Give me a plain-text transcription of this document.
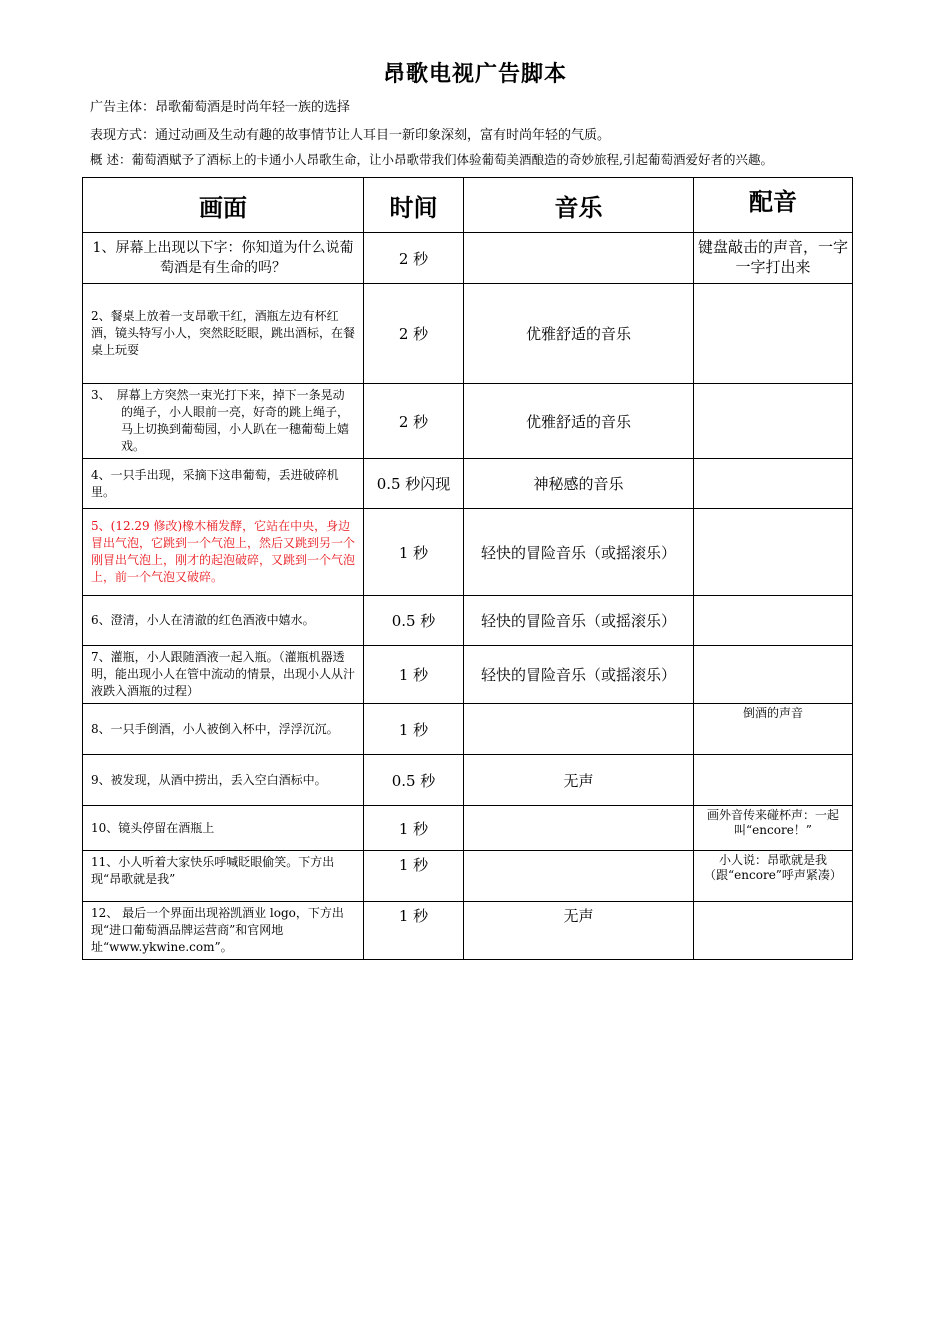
昂歌电视广告脚本
广告主体：昂歌葡萄酒是时尚年轻一族的选择
表现方式：通过动画及生动有趣的故事情节让人耳目一新印象深刻，富有时尚年轻的气质。
概 述：葡萄酒赋予了酒标上的卡通小人昂歌生命，让小昂歌带我们体验葡萄美酒酿造的奇妙旅程,引起葡萄酒爱好者的兴趣。
画面	时间	音乐	配音
1、屏幕上出现以下字：你知道为什么说葡萄酒是有生命的吗？	2 秒		键盘敲击的声音，一字一字打出来
2、餐桌上放着一支昂歌干红，酒瓶左边有杯红酒，镜头特写小人，突然眨眨眼，跳出酒标，在餐桌上玩耍	2 秒	优雅舒适的音乐	
3、　屏幕上方突然一束光打下来，掉下一条晃动的绳子，小人眼前一亮，好奇的跳上绳子，马上切换到葡萄园，小人趴在一穗葡萄上嬉戏。	2 秒	优雅舒适的音乐	
4、一只手出现，采摘下这串葡萄，丢进破碎机里。	0.5 秒闪现	神秘感的音乐	
5、(12.29 修改)橡木桶发酵，它站在中央，身边冒出气泡，它跳到一个气泡上，然后又跳到另一个刚冒出气泡上，刚才的起泡破碎，又跳到一个气泡上，前一个气泡又破碎。	1 秒	轻快的冒险音乐（或摇滚乐）	
6、澄清，小人在清澈的红色酒液中嬉水。	0.5 秒	轻快的冒险音乐（或摇滚乐）	
7、灌瓶，小人跟随酒液一起入瓶。（灌瓶机器透明，能出现小人在管中流动的情景，出现小人从汁液跌入酒瓶的过程）	1 秒	轻快的冒险音乐（或摇滚乐）	
8、一只手倒酒，小人被倒入杯中，浮浮沉沉。	1 秒		倒酒的声音
9、被发现，从酒中捞出，丢入空白酒标中。	0.5 秒	无声	
10、镜头停留在酒瓶上	1 秒		画外音传来碰杯声：一起叫“encore！”
11、小人听着大家快乐呼喊眨眼偷笑。下方出现“昂歌就是我”	1 秒		小人说：昂歌就是我（跟“encore”呼声紧凑）
12、 最后一个界面出现裕凯酒业 logo，下方出现“进口葡萄酒品牌运营商”和官网地址“www.ykwine.com”。	1 秒	无声	
